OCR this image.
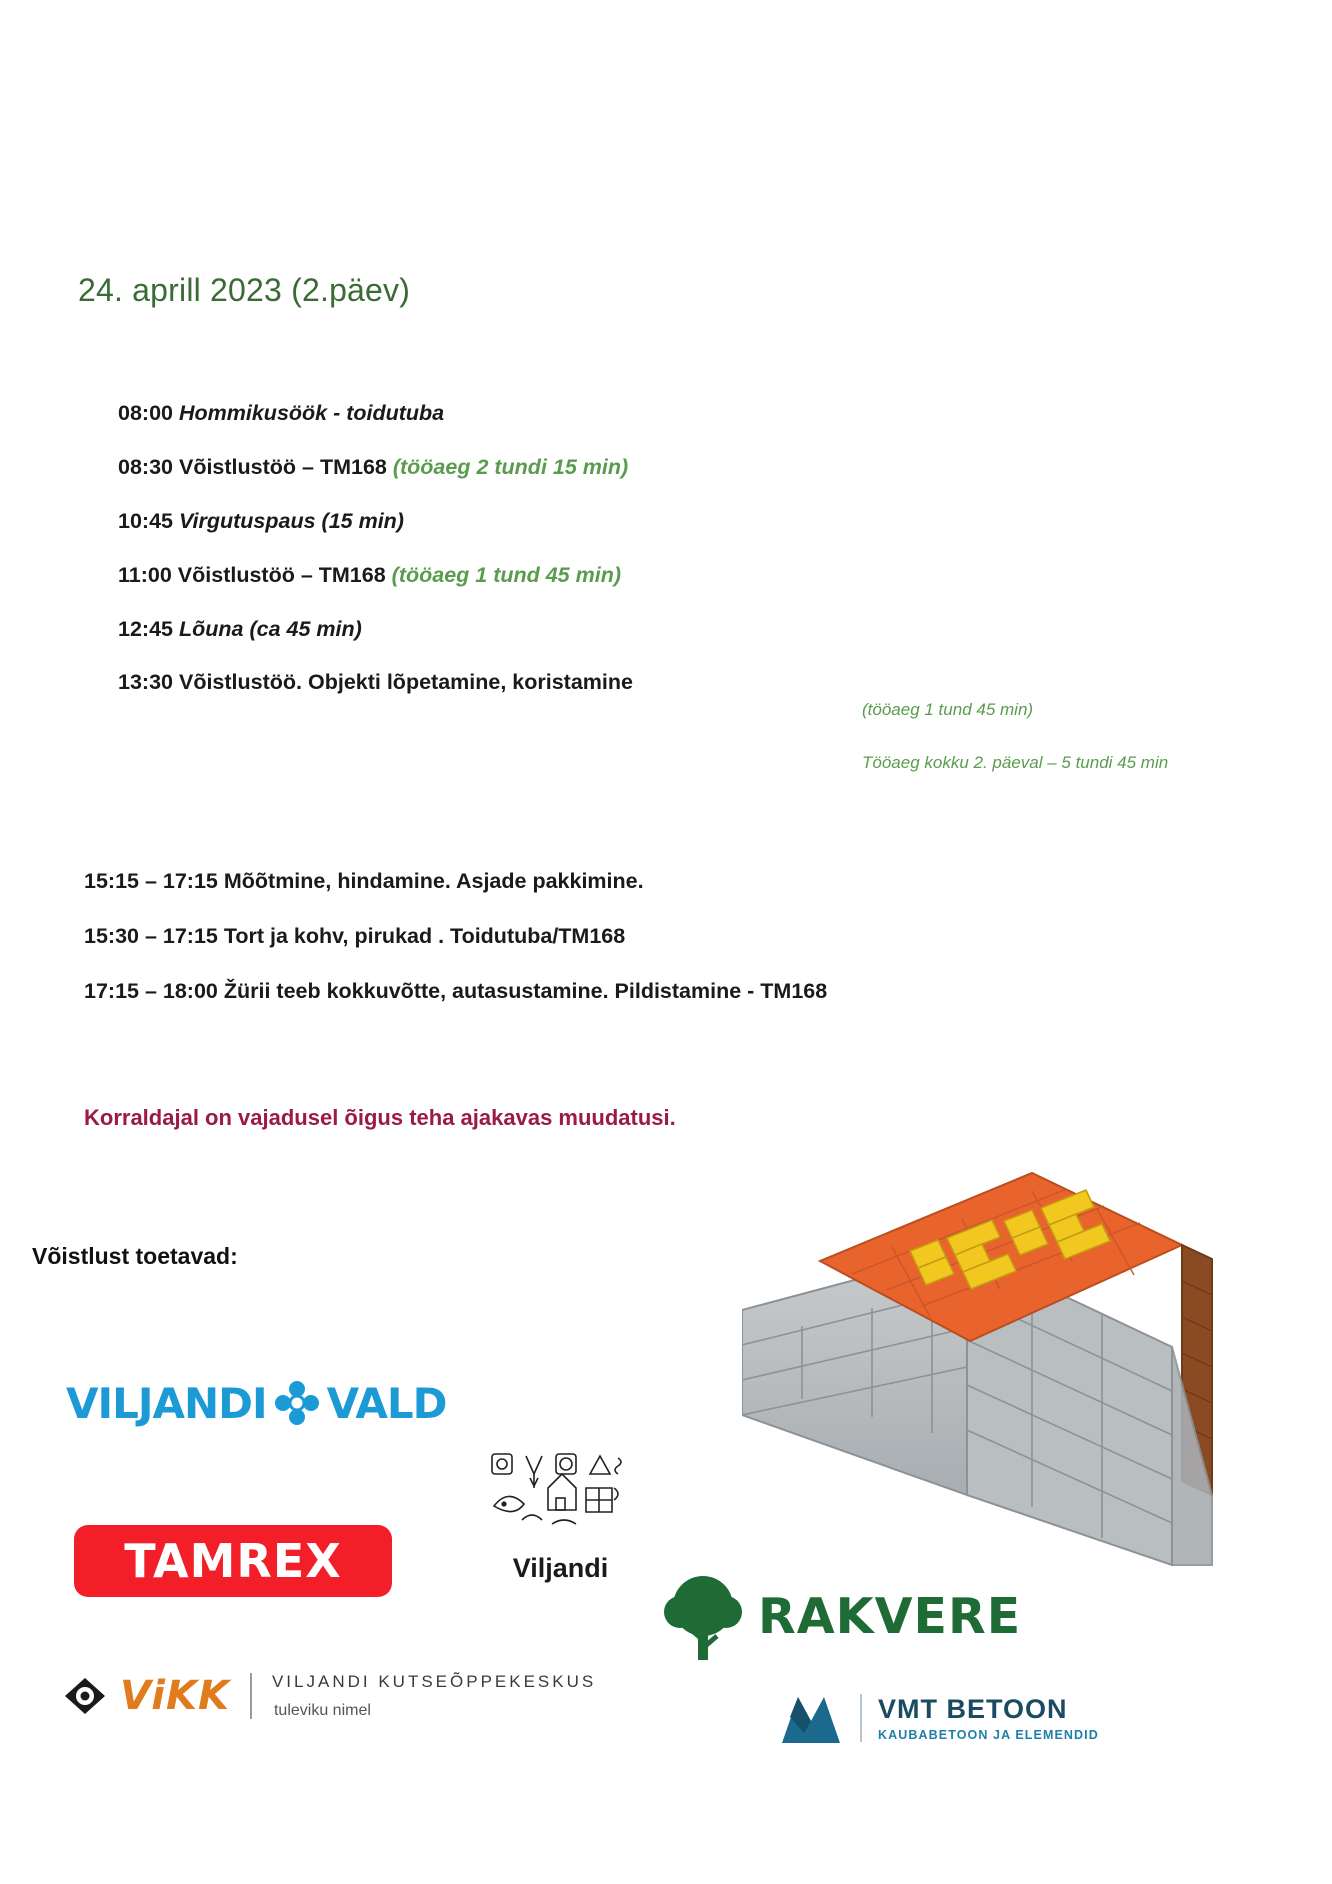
24. aprill 2023 (2.päev)
08:00 Hommikusöök - toidutuba
08:30 Võistlustöö – TM168 (tööaeg 2 tundi 15 min)
10:45 Virgutuspaus (15 min)
11:00 Võistlustöö – TM168 (tööaeg 1 tund 45 min)
12:45 Lõuna (ca 45 min)
13:30 Võistlustöö. Objekti lõpetamine, koristamine
(tööaeg 1 tund 45 min)
Tööaeg kokku 2. päeval – 5 tundi 45 min
15:15 – 17:15 Mõõtmine, hindamine. Asjade pakkimine.
15:30 – 17:15 Tort ja kohv, pirukad . Toidutuba/TM168
17:15 – 18:00 Žürii teeb kokkuvõtte, autasustamine. Pildistamine - TM168
Korraldajal on vajadusel õigus teha ajakavas muudatusi.
Võistlust toetavad:
VILJANDI VALD
TAMREX	Viljandi
RAKVERE
ViKK VILJANDI KUTSEÕPPEKESKUS
tuleviku nimel	VMT BETOON
KAUBABETOON JA ELEMENDID
